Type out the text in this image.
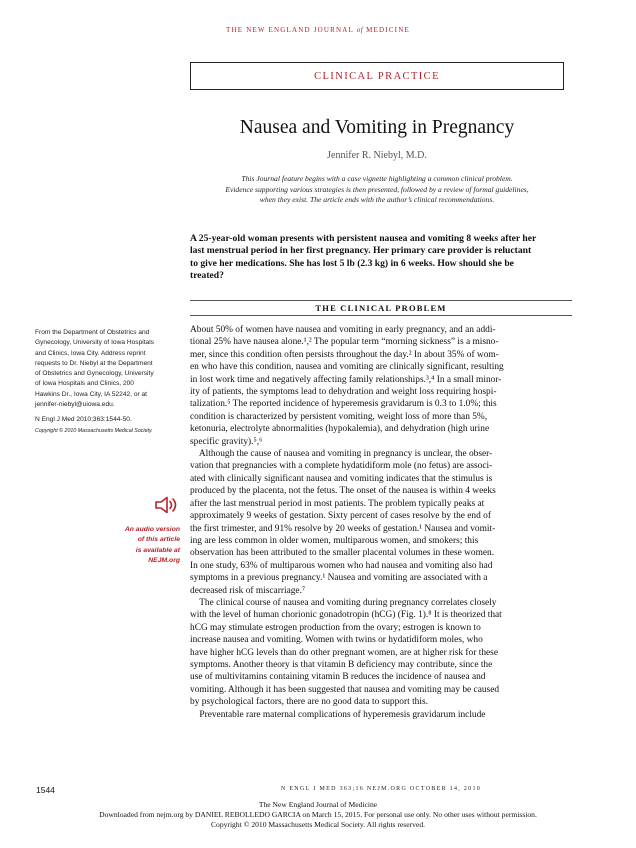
THE NEW ENGLAND JOURNAL of MEDICINE
CLINICAL PRACTICE
Nausea and Vomiting in Pregnancy
Jennifer R. Niebyl, M.D.
This Journal feature begins with a case vignette highlighting a common clinical problem.
Evidence supporting various strategies is then presented, followed by a review of formal guidelines,
when they exist. The article ends with the author’s clinical recommendations.
A 25-year-old woman presents with persistent nausea and vomiting 8 weeks after her
last menstrual period in her first pregnancy. Her primary care provider is reluctant
to give her medications. She has lost 5 lb (2.3 kg) in 6 weeks. How should she be
treated?
THE CLINICAL PROBLEM
From the Department of Obstetrics and
Gynecology, University of Iowa Hospitals
and Clinics, Iowa City. Address reprint
requests to Dr. Niebyl at the Department
of Obstetrics and Gynecology, University
of Iowa Hospitals and Clinics, 200
Hawkins Dr., Iowa City, IA 52242, or at
jennifer-niebyl@uiowa.edu.
N Engl J Med 2010;363:1544-50.
Copyright © 2010 Massachusetts Medical Society.
An audio version
of this article
is available at
NEJM.org
About 50% of women have nausea and vomiting in early pregnancy, and an addi-
tional 25% have nausea alone.¹,² The popular term “morning sickness” is a misno-
mer, since this condition often persists throughout the day.² In about 35% of wom-
en who have this condition, nausea and vomiting are clinically significant, resulting
in lost work time and negatively affecting family relationships.³,⁴ In a small minor-
ity of patients, the symptoms lead to dehydration and weight loss requiring hospi-
talization.⁵ The reported incidence of hyperemesis gravidarum is 0.3 to 1.0%; this
condition is characterized by persistent vomiting, weight loss of more than 5%,
ketonuria, electrolyte abnormalities (hypokalemia), and dehydration (high urine
specific gravity).⁵,⁶
Although the cause of nausea and vomiting in pregnancy is unclear, the obser-
vation that pregnancies with a complete hydatidiform mole (no fetus) are associ-
ated with clinically significant nausea and vomiting indicates that the stimulus is
produced by the placenta, not the fetus. The onset of the nausea is within 4 weeks
after the last menstrual period in most patients. The problem typically peaks at
approximately 9 weeks of gestation. Sixty percent of cases resolve by the end of
the first trimester, and 91% resolve by 20 weeks of gestation.¹ Nausea and vomit-
ing are less common in older women, multiparous women, and smokers; this
observation has been attributed to the smaller placental volumes in these women.
In one study, 63% of multiparous women who had nausea and vomiting also had
symptoms in a previous pregnancy.¹ Nausea and vomiting are associated with a
decreased risk of miscarriage.⁷
The clinical course of nausea and vomiting during pregnancy correlates closely
with the level of human chorionic gonadotropin (hCG) (Fig. 1).⁸ It is theorized that
hCG may stimulate estrogen production from the ovary; estrogen is known to
increase nausea and vomiting. Women with twins or hydatidiform moles, who
have higher hCG levels than do other pregnant women, are at higher risk for these
symptoms. Another theory is that vitamin B deficiency may contribute, since the
use of multivitamins containing vitamin B reduces the incidence of nausea and
vomiting. Although it has been suggested that nausea and vomiting may be caused
by psychological factors, there are no good data to support this.
Preventable rare maternal complications of hyperemesis gravidarum include
1544	N ENGL J MED 363;16 NEJM.ORG OCTOBER 14, 2010
The New England Journal of Medicine
Downloaded from nejm.org by DANIEL REBOLLEDO GARCIA on March 15, 2015. For personal use only. No other uses without permission.
Copyright © 2010 Massachusetts Medical Society. All rights reserved.
